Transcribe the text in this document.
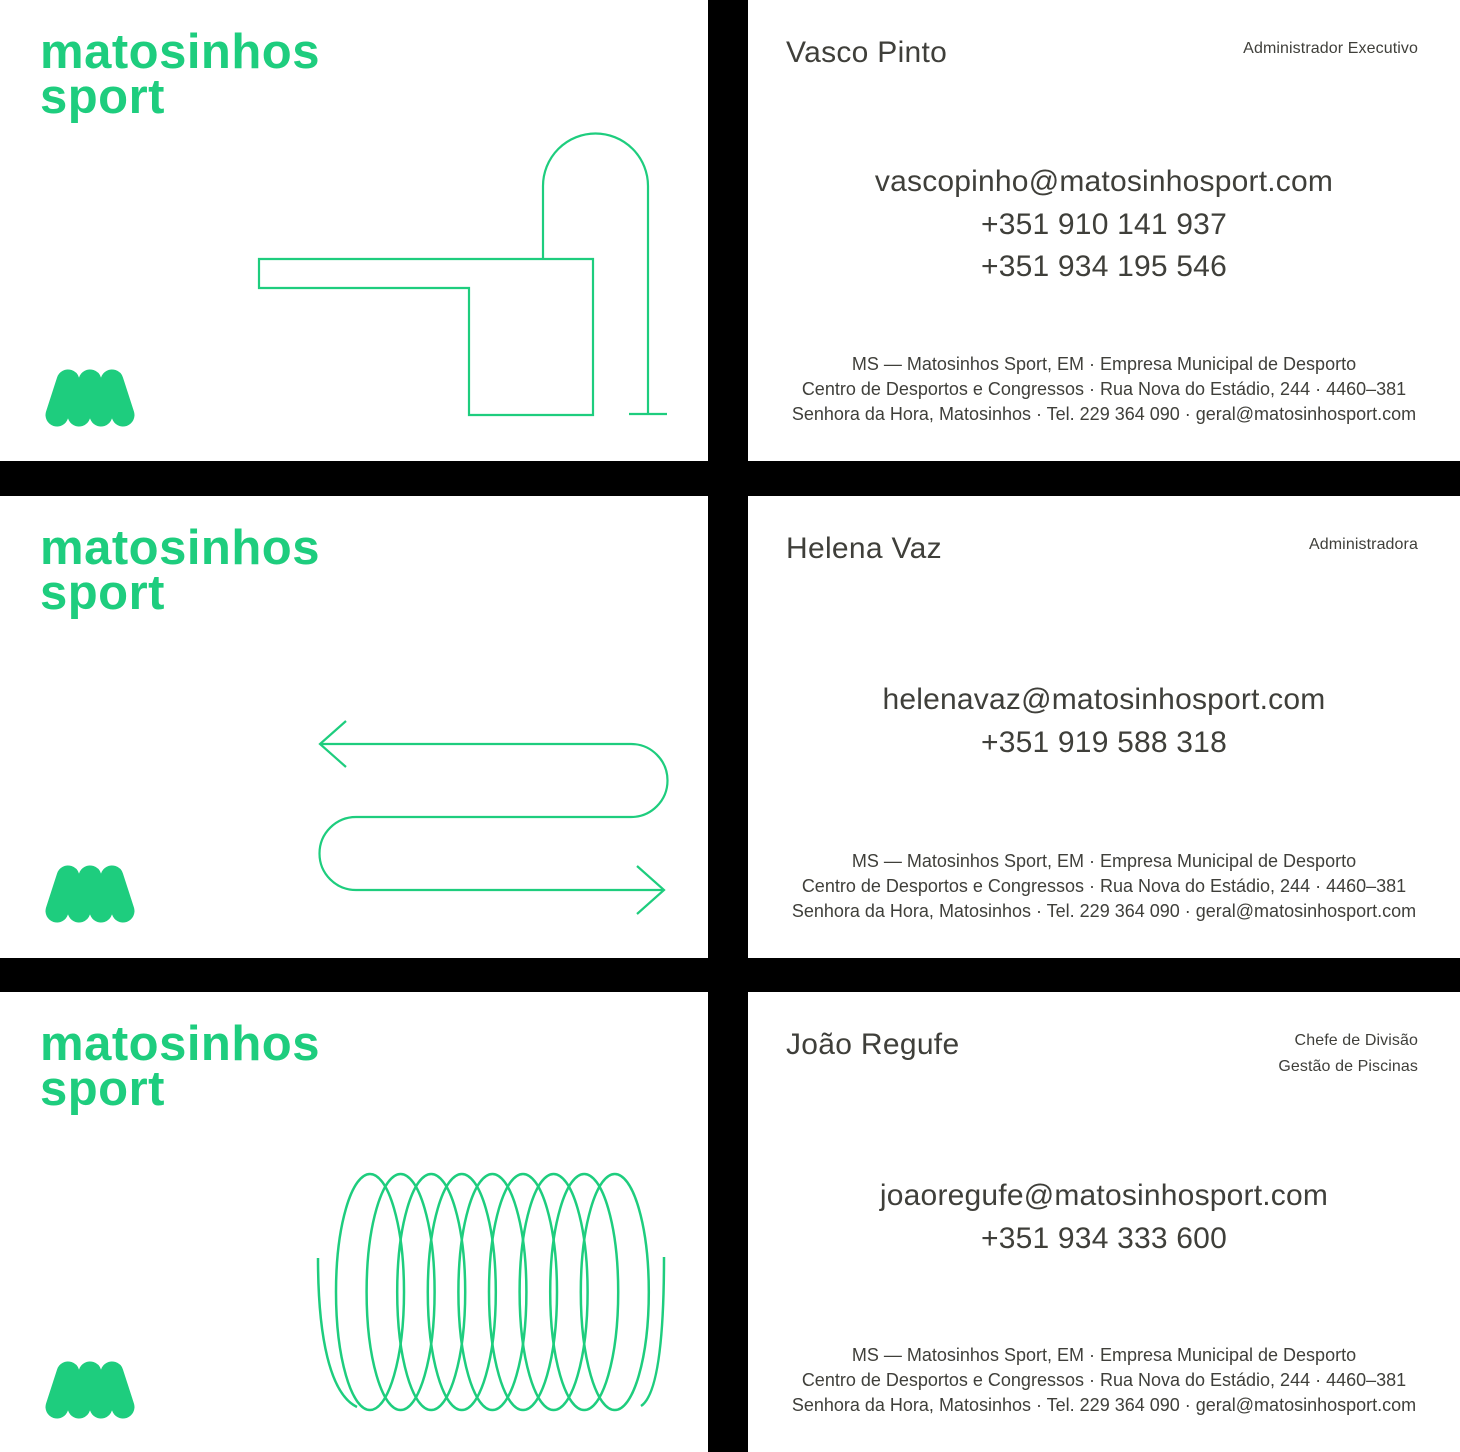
matosinhos
sport
Vasco Pinto	Administrador Executivo
vascopinho@matosinhosport.com
+351 910 141 937
+351 934 195 546
MS — Matosinhos Sport, EM · Empresa Municipal de Desporto
Centro de Desportos e Congressos · Rua Nova do Estádio, 244 · 4460–381
Senhora da Hora, Matosinhos · Tel. 229 364 090 · geral@matosinhosport.com
matosinhos
sport
Helena Vaz	Administradora
helenavaz@matosinhosport.com
+351 919 588 318
MS — Matosinhos Sport, EM · Empresa Municipal de Desporto
Centro de Desportos e Congressos · Rua Nova do Estádio, 244 · 4460–381
Senhora da Hora, Matosinhos · Tel. 229 364 090 · geral@matosinhosport.com
matosinhos
sport
João Regufe	Chefe de Divisão
Gestão de Piscinas
joaoregufe@matosinhosport.com
+351 934 333 600
MS — Matosinhos Sport, EM · Empresa Municipal de Desporto
Centro de Desportos e Congressos · Rua Nova do Estádio, 244 · 4460–381
Senhora da Hora, Matosinhos · Tel. 229 364 090 · geral@matosinhosport.com
